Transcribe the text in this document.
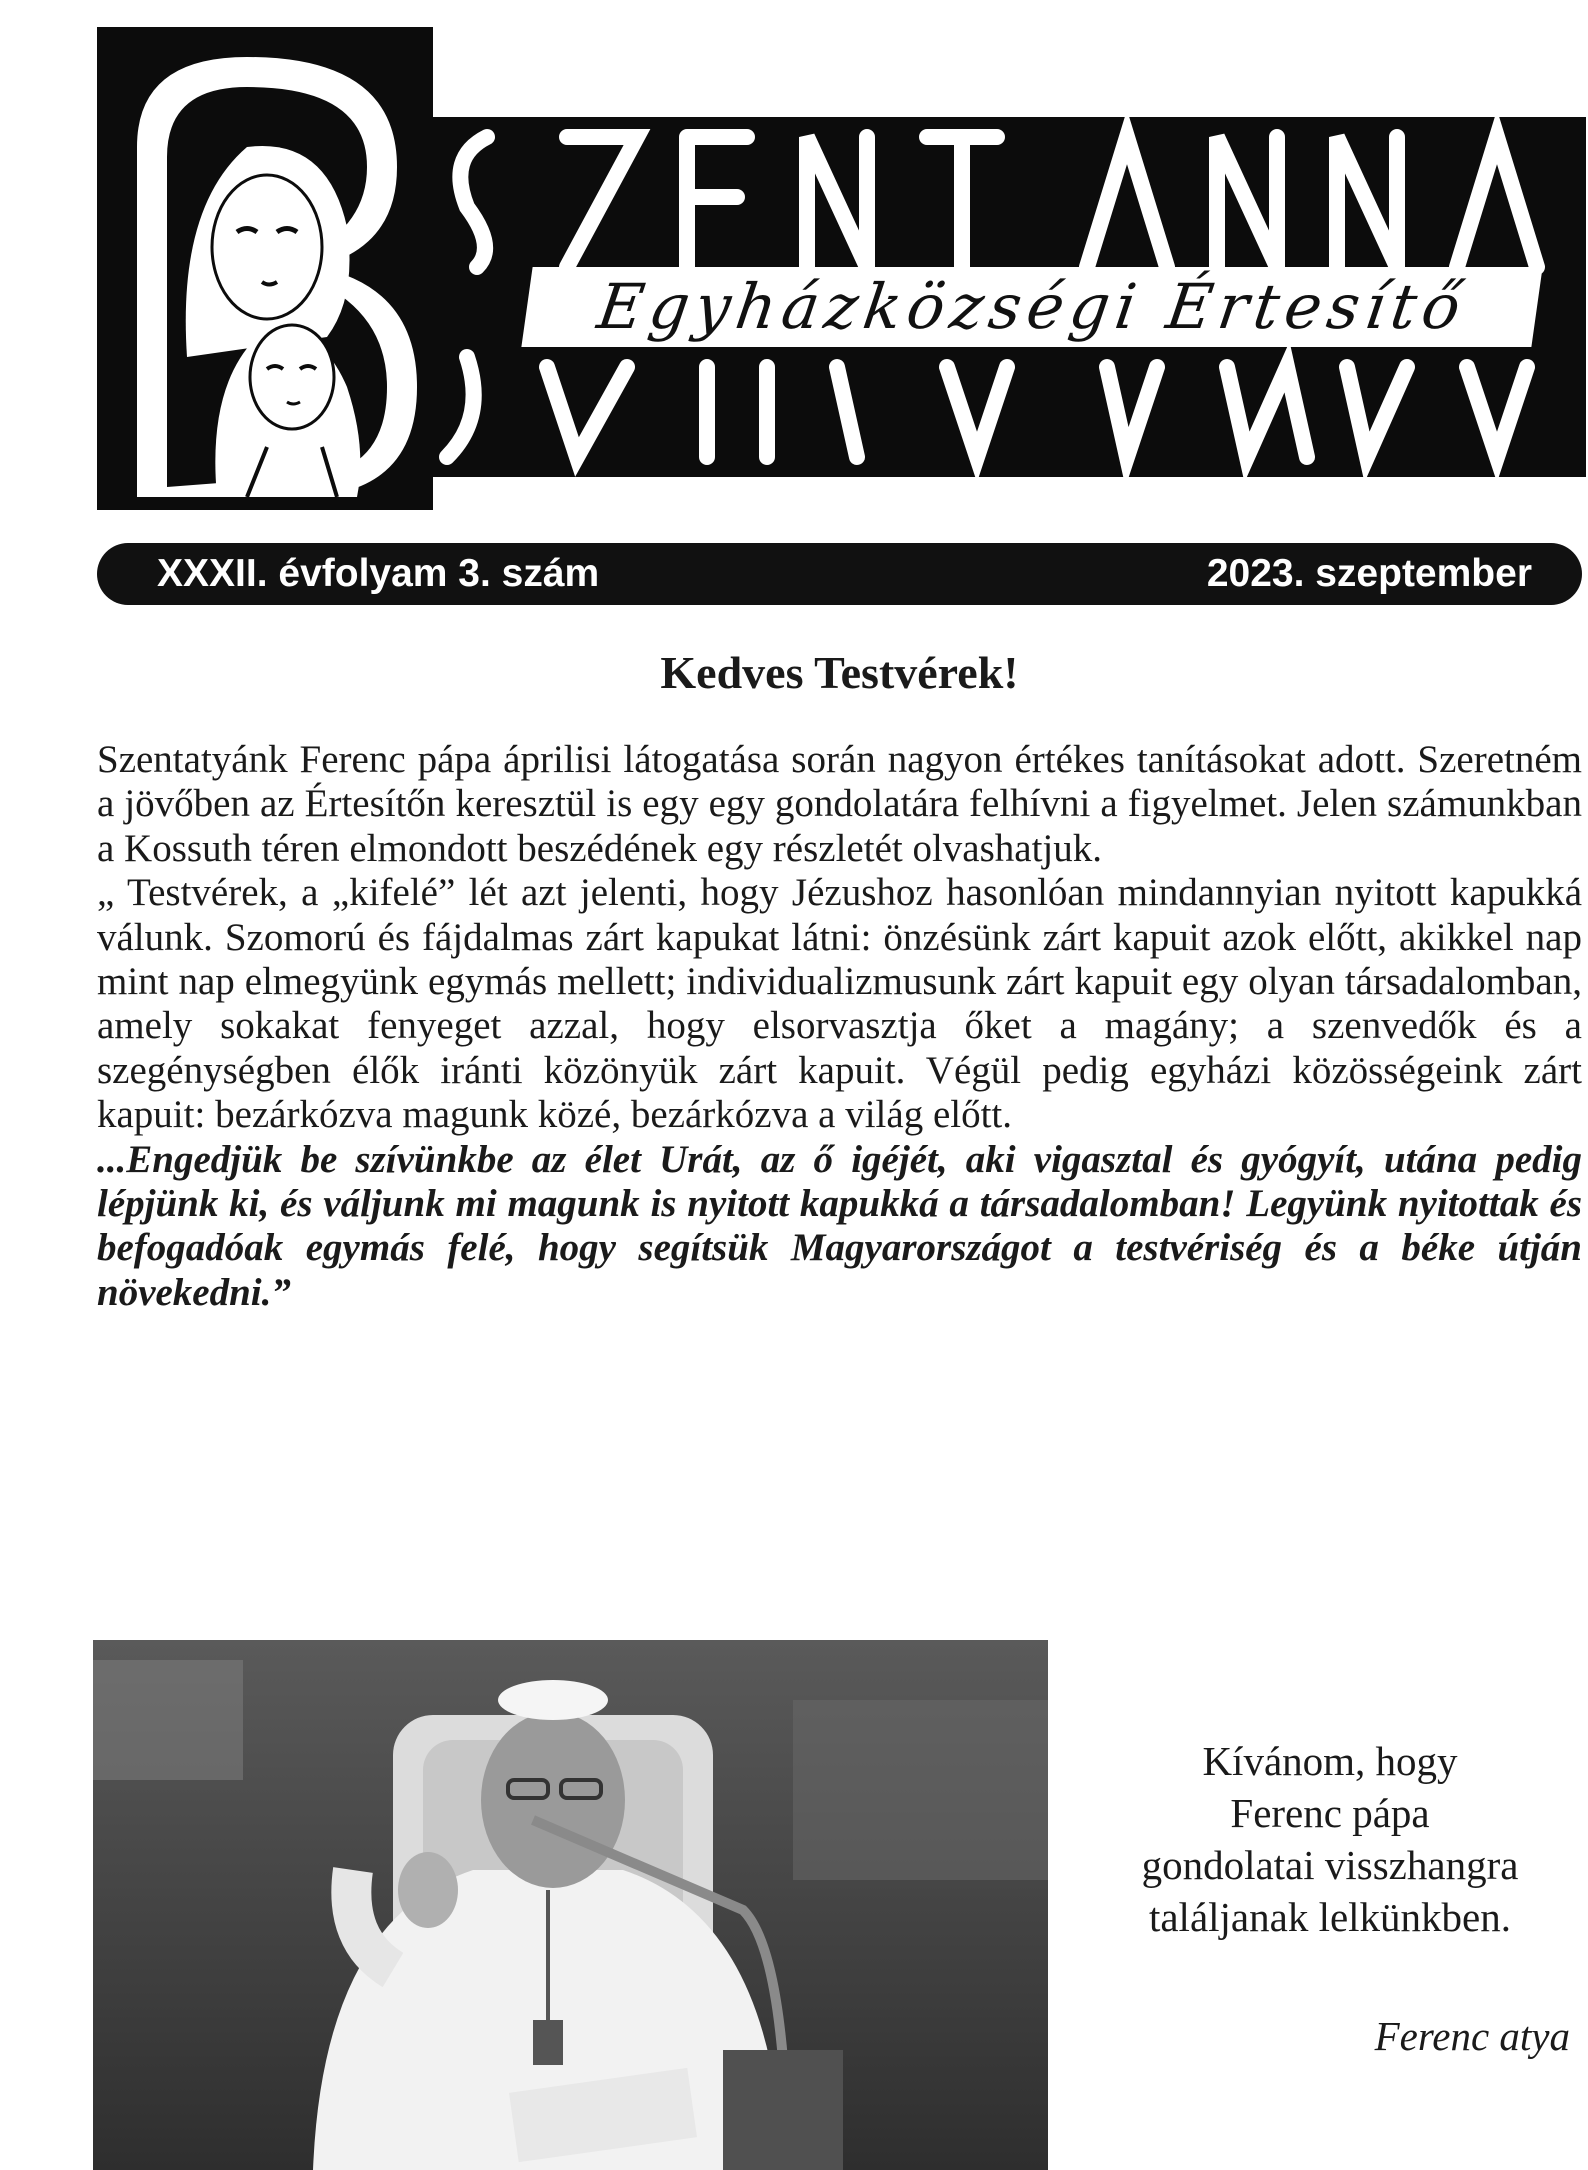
Egyházközségi Értesítő
XXXII. évfolyam 3. szám	2023. szeptember
Kedves Testvérek!

Szentatyánk Ferenc pápa áprilisi látogatása során nagyon értékes tanításokat adott. Szeretném a jövőben az Értesítőn keresztül is egy egy gondolatára felhívni a figyelmet. Jelen számunkban a Kossuth téren elmondott beszédének egy részletét olvashatjuk.

„ Testvérek, a „kifelé” lét azt jelenti, hogy Jézushoz hasonlóan mindannyian nyitott kapukká válunk. Szomorú és fájdalmas zárt kapukat látni: önzésünk zárt kapuit azok előtt, akikkel nap mint nap elmegyünk egymás mellett; individualizmusunk zárt kapuit egy olyan társadalomban, amely sokakat fenyeget azzal, hogy elsorvasztja őket a magány; a szenvedők és a szegénységben élők iránti közönyük zárt kapuit. Végül pedig egyházi közösségeink zárt kapuit: bezárkózva magunk közé, bezárkózva a világ előtt.

...Engedjük be szívünkbe az élet Urát, az ő igéjét, aki vigasztal és gyógyít, utána pedig lépjünk ki, és váljunk mi magunk is nyitott kapukká a társadalomban! Legyünk nyitottak és befogadóak egymás felé, hogy segítsük Magyarországot a testvériség és a béke útján növekedni.”

Kívánom, hogy
Ferenc pápa
gondolatai visszhangra
találjanak lelkünkben.
Ferenc atya
